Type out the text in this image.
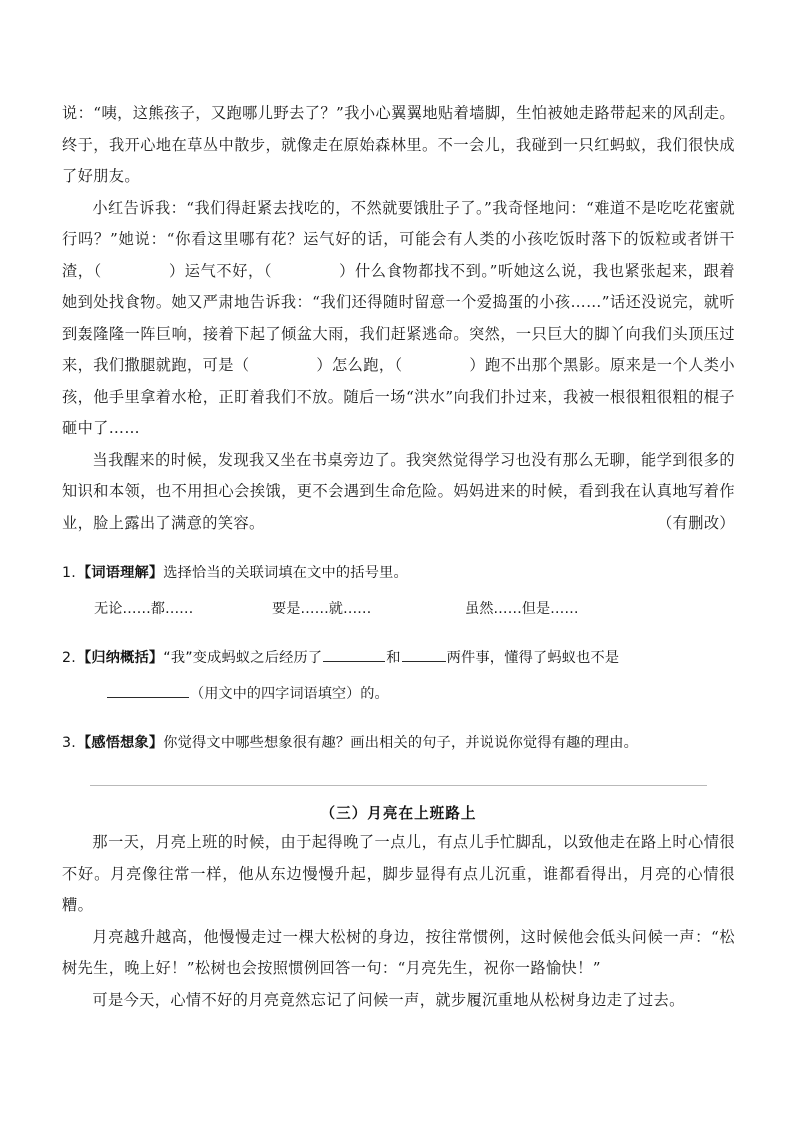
说：“咦，这熊孩子，又跑哪儿野去了？”我小心翼翼地贴着墙脚，生怕被她走路带起来的风刮走。终于，我开心地在草丛中散步，就像走在原始森林里。不一会儿，我碰到一只红蚂蚁，我们很快成了好朋友。

小红告诉我：“我们得赶紧去找吃的，不然就要饿肚子了。”我奇怪地问：“难道不是吃吃花蜜就行吗？”她说：“你看这里哪有花？运气好的话，可能会有人类的小孩吃饭时落下的饭粒或者饼干渣，（	）运气不好，（	）什么食物都找不到。”听她这么说，我也紧张起来，跟着她到处找食物。她又严肃地告诉我：“我们还得随时留意一个爱捣蛋的小孩……”话还没说完，就听到轰隆隆一阵巨响，接着下起了倾盆大雨，我们赶紧逃命。突然，一只巨大的脚丫向我们头顶压过来，我们撒腿就跑，可是（	）怎么跑，（	）跑不出那个黑影。原来是一个人类小孩，他手里拿着水枪，正盯着我们不放。随后一场“洪水”向我们扑过来，我被一根很粗很粗的棍子砸中了……

当我醒来的时候，发现我又坐在书桌旁边了。我突然觉得学习也没有那么无聊，能学到很多的知识和本领，也不用担心会挨饿，更不会遇到生命危险。妈妈进来的时候，看到我在认真地写着作业，脸上露出了满意的笑容。	（有删改）

1.【词语理解】选择恰当的关联词填在文中的括号里。

无论……都……	要是……就……	虽然……但是……

2.【归纳概括】“我”变成蚂蚁之后经历了	和	两件事，懂得了蚂蚁也不是

（用文中的四字词语填空）的。

3.【感悟想象】你觉得文中哪些想象很有趣？画出相关的句子，并说说你觉得有趣的理由。

（三）月亮在上班路上

那一天，月亮上班的时候，由于起得晚了一点儿，有点儿手忙脚乱，以致他走在路上时心情很不好。月亮像往常一样，他从东边慢慢升起，脚步显得有点儿沉重，谁都看得出，月亮的心情很糟。

月亮越升越高，他慢慢走过一棵大松树的身边，按往常惯例，这时候他会低头问候一声：“松树先生，晚上好！”松树也会按照惯例回答一句：“月亮先生，祝你一路愉快！”

可是今天，心情不好的月亮竟然忘记了问候一声，就步履沉重地从松树身边走了过去。
